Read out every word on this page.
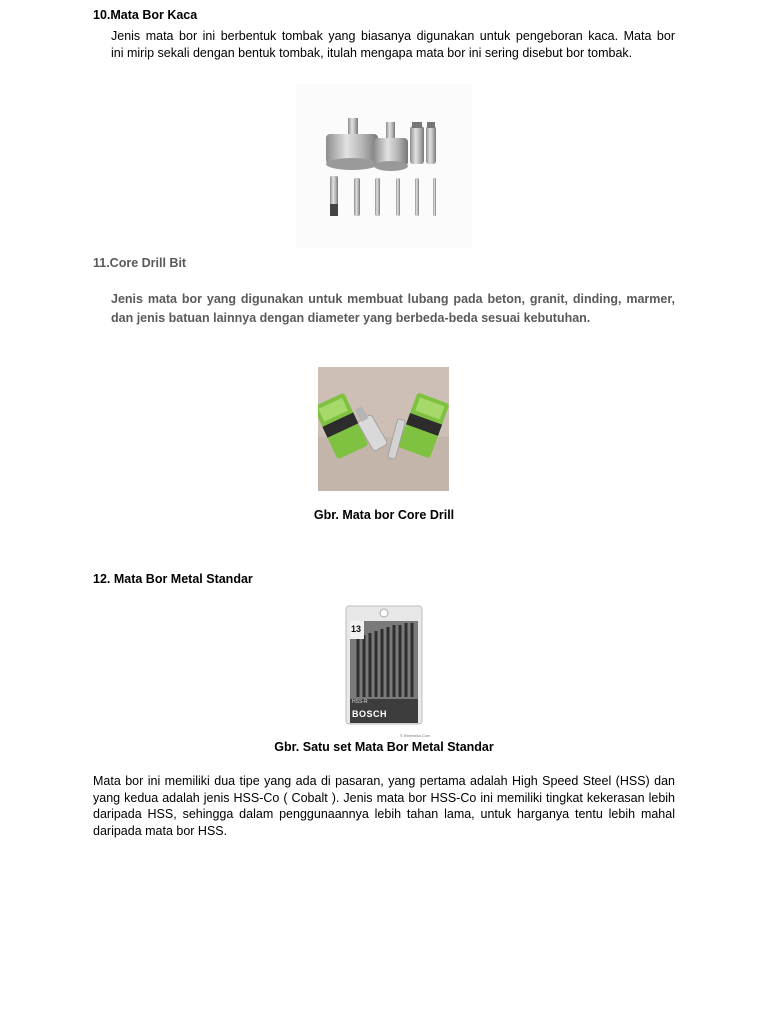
10.Mata Bor Kaca
Jenis mata bor ini berbentuk tombak yang biasanya digunakan untuk pengeboran kaca. Mata bor
ini mirip sekali dengan bentuk tombak, itulah mengapa mata bor ini sering disebut bor tombak.
11.Core Drill Bit
Jenis mata bor yang digunakan untuk membuat lubang pada beton, granit, dinding, marmer,
dan jenis batuan lainnya dengan diameter yang berbeda-beda sesuai kebutuhan.
Gbr. Mata bor Core Drill
12. Mata Bor Metal Standar
© Bhinneka.Com
13
HSS-R
BOSCH
Gbr. Satu set Mata Bor Metal Standar
Mata bor ini memiliki dua tipe yang ada di pasaran, yang pertama adalah High Speed Steel (HSS) dan
yang kedua adalah jenis HSS-Co ( Cobalt ). Jenis mata bor HSS-Co ini memiliki tingkat kekerasan lebih
daripada HSS, sehingga dalam penggunaannya lebih tahan lama, untuk harganya tentu lebih mahal
daripada mata bor HSS.
